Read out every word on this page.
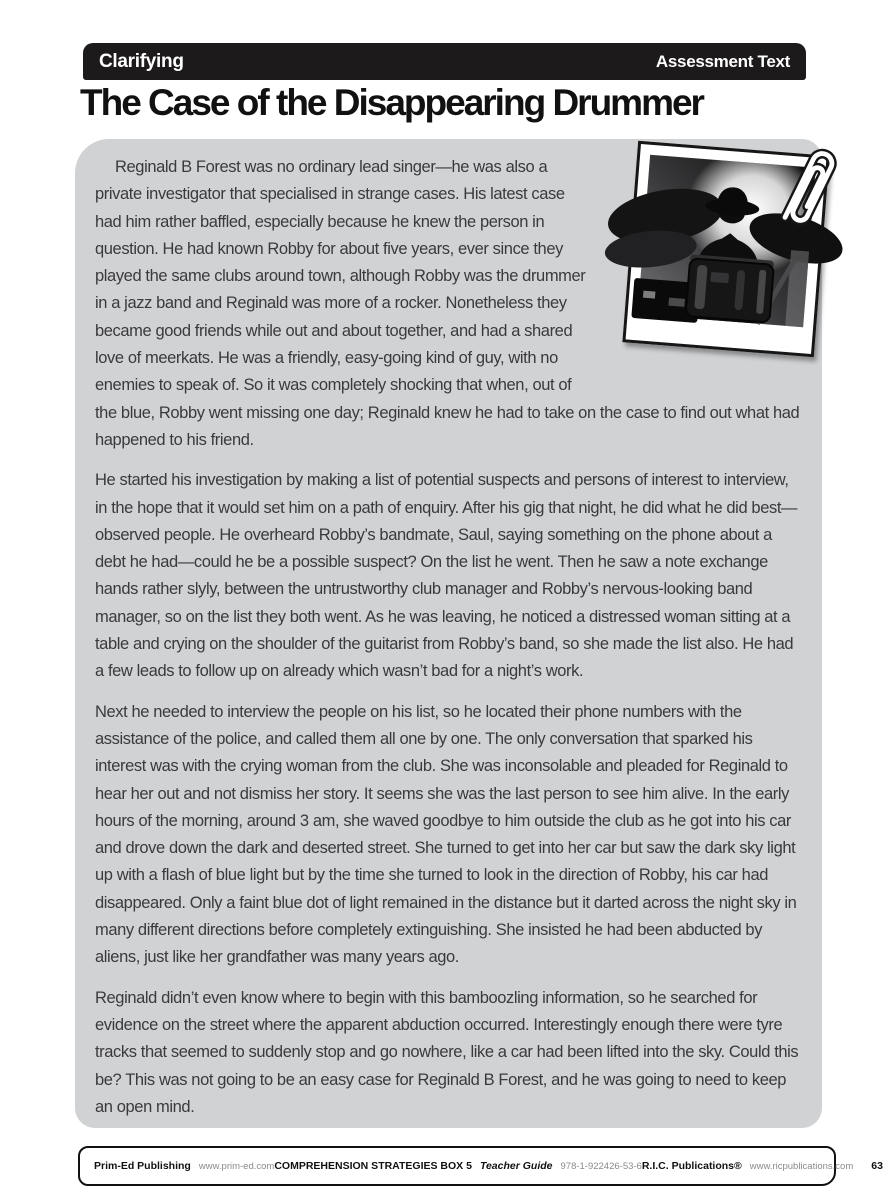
Clarifying	Assessment Text
The Case of the Disappearing Drummer

Reginald B Forest was no ordinary lead singer—he was also a private investigator that specialised in strange cases. His latest case had him rather baffled, especially because he knew the person in question. He had known Robby for about five years, ever since they played the same clubs around town, although Robby was the drummer in a jazz band and Reginald was more of a rocker. Nonetheless they became good friends while out and about together, and had a shared love of meerkats. He was a friendly, easy-going kind of guy, with no enemies to speak of. So it was completely shocking that when, out of the blue, Robby went missing one day; Reginald knew he had to take on the case to find out what had happened to his friend.

He started his investigation by making a list of potential suspects and persons of interest to interview, in the hope that it would set him on a path of enquiry. After his gig that night, he did what he did best—observed people. He overheard Robby’s bandmate, Saul, saying something on the phone about a debt he had—could he be a possible suspect? On the list he went. Then he saw a note exchange hands rather slyly, between the untrustworthy club manager and Robby’s nervous-looking band manager, so on the list they both went. As he was leaving, he noticed a distressed woman sitting at a table and crying on the shoulder of the guitarist from Robby’s band, so she made the list also. He had a few leads to follow up on already which wasn’t bad for a night’s work.

Next he needed to interview the people on his list, so he located their phone numbers with the assistance of the police, and called them all one by one. The only conversation that sparked his interest was with the crying woman from the club. She was inconsolable and pleaded for Reginald to hear her out and not dismiss her story. It seems she was the last person to see him alive. In the early hours of the morning, around 3 am, she waved goodbye to him outside the club as he got into his car and drove down the dark and deserted street. She turned to get into her car but saw the dark sky light up with a flash of blue light but by the time she turned to look in the direction of Robby, his car had disappeared. Only a faint blue dot of light remained in the distance but it darted across the night sky in many different directions before completely extinguishing. She insisted he had been abducted by aliens, just like her grandfather was many years ago.

Reginald didn’t even know where to begin with this bamboozling information, so he searched for evidence on the street where the apparent abduction occurred. Interestingly enough there were tyre tracks that seemed to suddenly stop and go nowhere, like a car had been lifted into the sky. Could this be? This was not going to be an easy case for Reginald B Forest, and he was going to need to keep an open mind.

Prim-Ed Publishing www.prim-ed.com COMPREHENSION STRATEGIES BOX 5 Teacher Guide 978-1-922426-53-6 R.I.C. Publications® www.ricpublications.com 63
